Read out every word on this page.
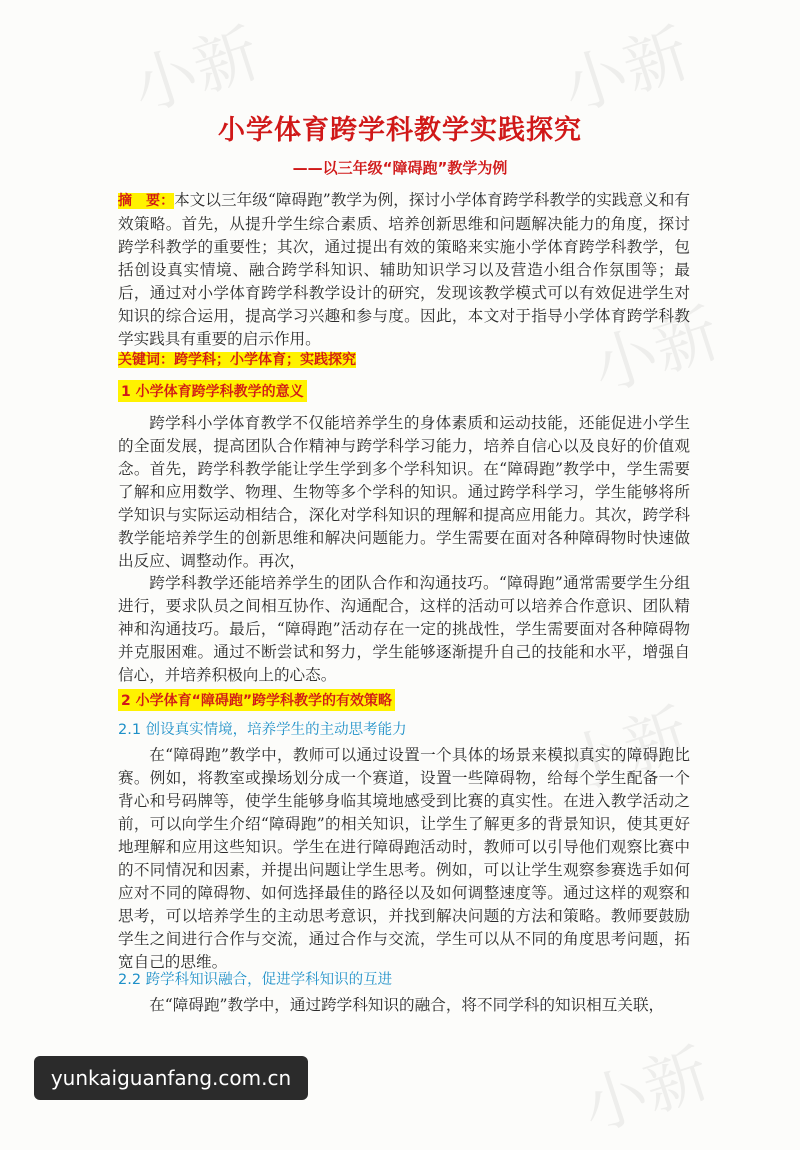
小新	小新
小新
小新
小新
小学体育跨学科教学实践探究
——以三年级“障碍跑”教学为例

摘　要：本文以三年级“障碍跑”教学为例，探讨小学体育跨学科教学的实践意义和有效策略。首先，从提升学生综合素质、培养创新思维和问题解决能力的角度，探讨跨学科教学的重要性；其次，通过提出有效的策略来实施小学体育跨学科教学，包括创设真实情境、融合跨学科知识、辅助知识学习以及营造小组合作氛围等；最后，通过对小学体育跨学科教学设计的研究，发现该教学模式可以有效促进学生对知识的综合运用，提高学习兴趣和参与度。因此，本文对于指导小学体育跨学科教学实践具有重要的启示作用。

关键词：跨学科；小学体育；实践探究
1 小学体育跨学科教学的意义

跨学科小学体育教学不仅能培养学生的身体素质和运动技能，还能促进小学生的全面发展，提高团队合作精神与跨学科学习能力，培养自信心以及良好的价值观念。首先，跨学科教学能让学生学到多个学科知识。在“障碍跑”教学中，学生需要了解和应用数学、物理、生物等多个学科的知识。通过跨学科学习，学生能够将所学知识与实际运动相结合，深化对学科知识的理解和提高应用能力。其次，跨学科教学能培养学生的创新思维和解决问题能力。学生需要在面对各种障碍物时快速做出反应、调整动作。再次，

跨学科教学还能培养学生的团队合作和沟通技巧。“障碍跑”通常需要学生分组进行，要求队员之间相互协作、沟通配合，这样的活动可以培养合作意识、团队精神和沟通技巧。最后，“障碍跑”活动存在一定的挑战性，学生需要面对各种障碍物并克服困难。通过不断尝试和努力，学生能够逐渐提升自己的技能和水平，增强自信心，并培养积极向上的心态。

2 小学体育“障碍跑”跨学科教学的有效策略
2.1 创设真实情境，培养学生的主动思考能力

在“障碍跑”教学中，教师可以通过设置一个具体的场景来模拟真实的障碍跑比赛。例如，将教室或操场划分成一个赛道，设置一些障碍物，给每个学生配备一个背心和号码牌等，使学生能够身临其境地感受到比赛的真实性。在进入教学活动之前，可以向学生介绍“障碍跑”的相关知识，让学生了解更多的背景知识，使其更好地理解和应用这些知识。学生在进行障碍跑活动时，教师可以引导他们观察比赛中的不同情况和因素，并提出问题让学生思考。例如，可以让学生观察参赛选手如何应对不同的障碍物、如何选择最佳的路径以及如何调整速度等。通过这样的观察和思考，可以培养学生的主动思考意识，并找到解决问题的方法和策略。教师要鼓励学生之间进行合作与交流，通过合作与交流，学生可以从不同的角度思考问题，拓宽自己的思维。

2.2 跨学科知识融合，促进学科知识的互进

在“障碍跑”教学中，通过跨学科知识的融合，将不同学科的知识相互关联，

yunkaiguanfang.com.cn
